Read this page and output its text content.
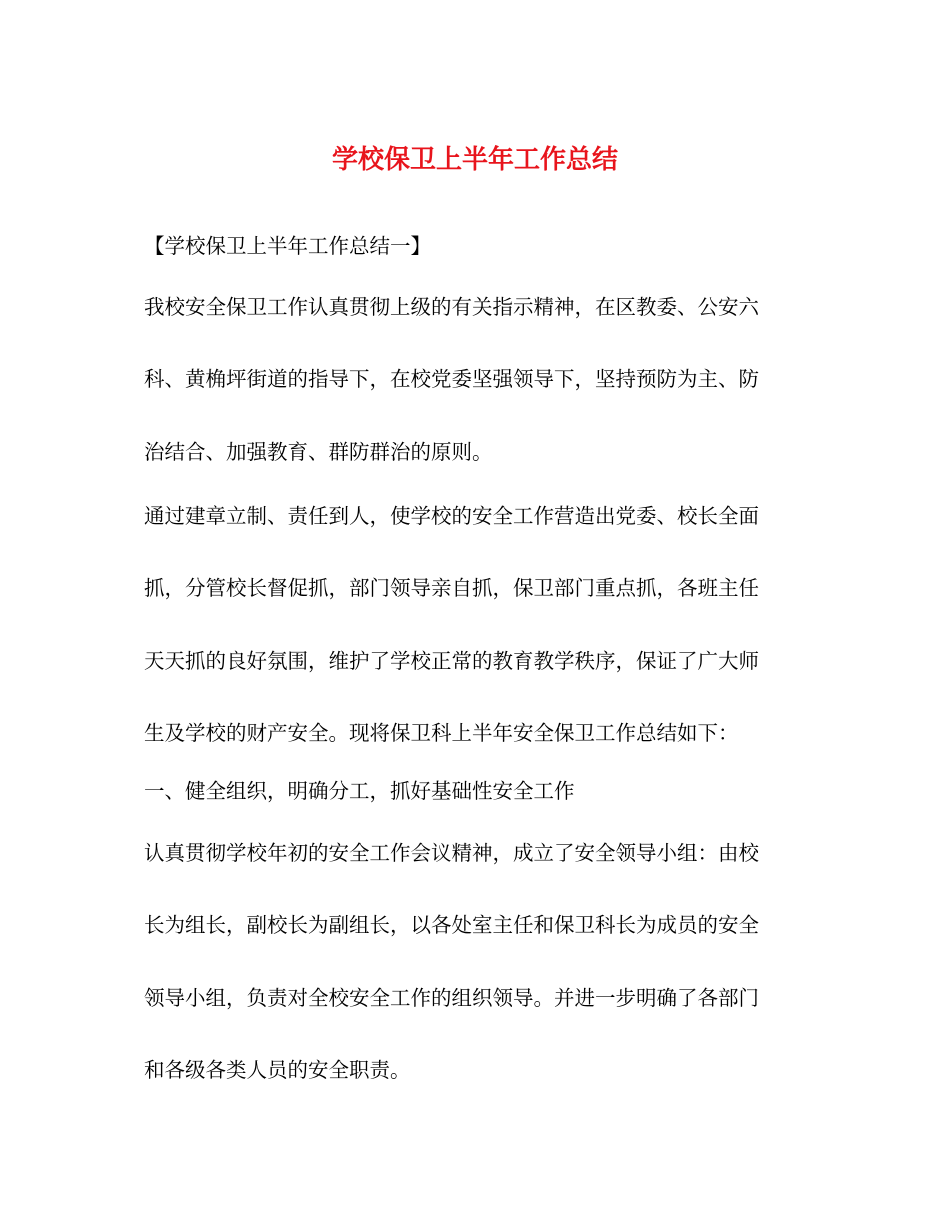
学校保卫上半年工作总结
【学校保卫上半年工作总结一】
我校安全保卫工作认真贯彻上级的有关指示精神，在区教委、公安六
科、黄桷坪街道的指导下，在校党委坚强领导下，坚持预防为主、防
治结合、加强教育、群防群治的原则。
通过建章立制、责任到人，使学校的安全工作营造出党委、校长全面
抓，分管校长督促抓，部门领导亲自抓，保卫部门重点抓，各班主任
天天抓的良好氛围，维护了学校正常的教育教学秩序，保证了广大师
生及学校的财产安全。现将保卫科上半年安全保卫工作总结如下：
一、健全组织，明确分工，抓好基础性安全工作
认真贯彻学校年初的安全工作会议精神，成立了安全领导小组：由校
长为组长，副校长为副组长，以各处室主任和保卫科长为成员的安全
领导小组，负责对全校安全工作的组织领导。并进一步明确了各部门
和各级各类人员的安全职责。
